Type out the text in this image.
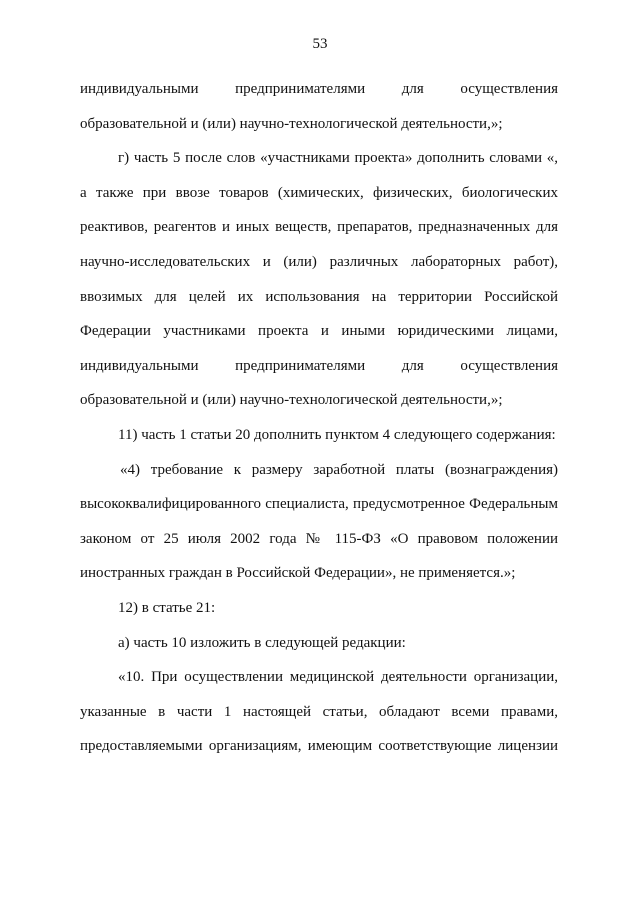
53

индивидуальными предпринимателями для осуществления образовательной и (или) научно-технологической деятельности,»;

г) часть 5 после слов «участниками проекта» дополнить словами «, а также при ввозе товаров (химических, физических, биологических реактивов, реагентов и иных веществ, препаратов, предназначенных для научно-исследовательских и (или) различных лабораторных работ), ввозимых для целей их использования на территории Российской Федерации участниками проекта и иными юридическими лицами, индивидуальными предпринимателями для осуществления образовательной и (или) научно-технологической деятельности,»;

11) часть 1 статьи 20 дополнить пунктом 4 следующего содержания:

«4) требование к размеру заработной платы (вознаграждения) высококвалифицированного специалиста, предусмотренное Федеральным законом от 25 июля 2002 года № 115-ФЗ «О правовом положении иностранных граждан в Российской Федерации», не применяется.»;

12) в статье 21:

а) часть 10 изложить в следующей редакции:

«10. При осуществлении медицинской деятельности организации, указанные в части 1 настоящей статьи, обладают всеми правами, предоставляемыми организациям, имеющим соответствующие лицензии
